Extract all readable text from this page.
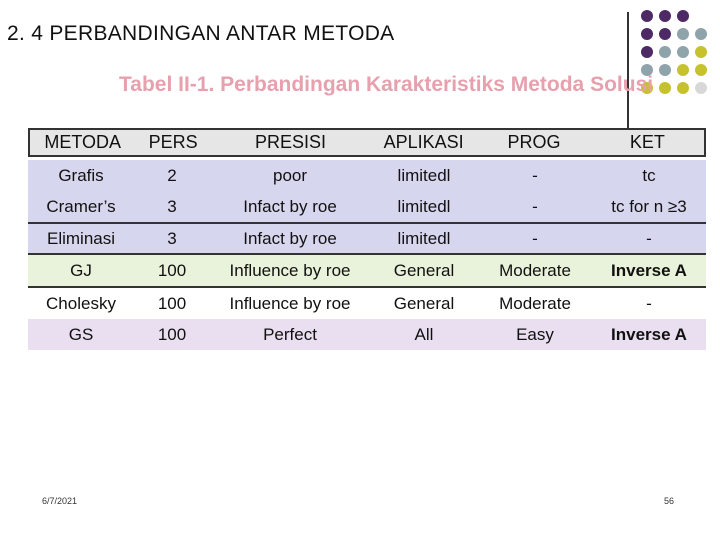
2. 4 PERBANDINGAN ANTAR METODA
Tabel II-1. Perbandingan Karakteristiks Metoda Solusi
METODA	PERS	PRESISI	APLIKASI	PROG	KET
Grafis	2	poor	limitedl	-	tc
Cramer’s	3	Infact by roe	limitedl	-	tc for n ≥3
Eliminasi	3	Infact by roe	limitedl	-	-
GJ	100	Influence by roe	General	Moderate	Inverse A
Cholesky	100	Influence by roe	General	Moderate	-
GS	100	Perfect	All	Easy	Inverse A
6/7/2021	56
